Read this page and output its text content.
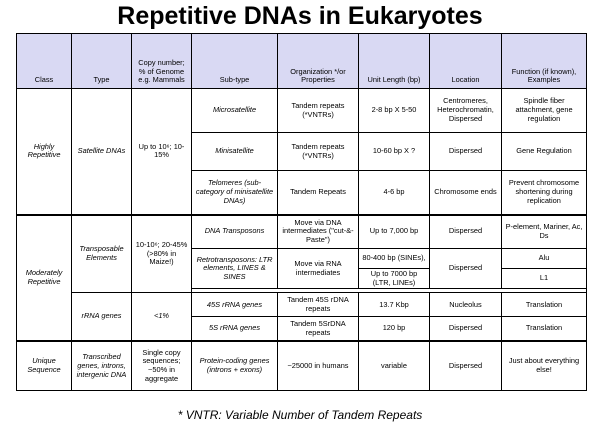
Repetitive DNAs in Eukaryotes
Class	Type	Copy number; % of Genome e.g. Mammals	Sub-type	Organization */or Properties	Unit Length (bp)	Location	Function (if known), Examples
Highly Repetitive	Satellite DNAs	Up to 10⁶; 10-15%	Microsatellite	Tandem repeats (*VNTRs)	2-8 bp X 5-50	Centromeres, Heterochromatin, Dispersed	Spindle fiber attachment, gene regulation
			Minisatellite	Tandem repeats (*VNTRs)	10-60 bp X ?	Dispersed	Gene Regulation
			Telomeres (sub-category of minisatellite DNAs)	Tandem Repeats	4-6 bp	Chromosome ends	Prevent chromosome shortening during replication
Moderately Repetitive	Transposable Elements	10-10⁶; 20-45% (>80% in Maize!)	DNA Transposons	Move via DNA intermediates ("cut-&-Paste")	Up to 7,000 bp	Dispersed	P-element, Mariner, Ac, Ds
			Retrotransposons: LTR elements, LINES & SINES	Move via RNA intermediates	80-400 bp (SINEs),	Dispersed	Alu
					Up to 7000 bp (LTR, LINEs)		L1

	rRNA genes	<1%	45S rRNA genes	Tandem 45S rDNA repeats	13.7 Kbp	Nucleolus	Translation
			5S rRNA genes	Tandem 5SrDNA repeats	120 bp	Dispersed	Translation
Unique Sequence	Transcribed genes, introns, intergenic DNA	Single copy sequences; ~50% in aggregate	Protein-coding genes (introns + exons)	~25000 in humans	variable	Dispersed	Just about everything else!
* VNTR: Variable Number of Tandem Repeats
